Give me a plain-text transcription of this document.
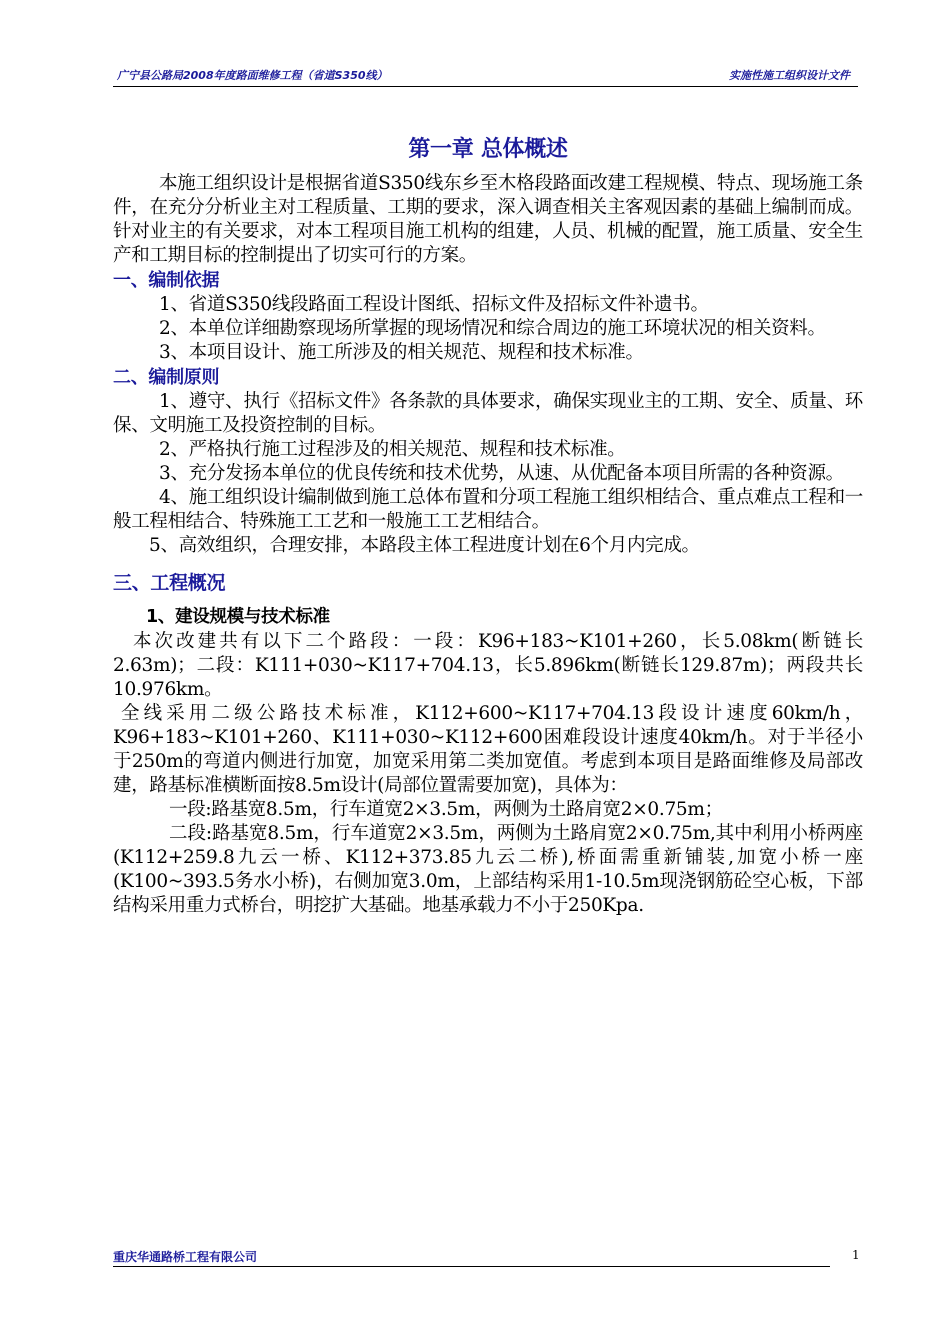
广宁县公路局2008年度路面维修工程（省道S350线）	实施性施工组织设计文件
第一章 总体概述

本施工组织设计是根据省道S350线东乡至木格段路面改建工程规模、特点、现场施工条件，在充分分析业主对工程质量、工期的要求，深入调查相关主客观因素的基础上编制而成。针对业主的有关要求，对本工程项目施工机构的组建，人员、机械的配置，施工质量、安全生产和工期目标的控制提出了切实可行的方案。

一、编制依据

1、省道S350线段路面工程设计图纸、招标文件及招标文件补遗书。

2、本单位详细勘察现场所掌握的现场情况和综合周边的施工环境状况的相关资料。

3、本项目设计、施工所涉及的相关规范、规程和技术标准。

二、编制原则

1、遵守、执行《招标文件》各条款的具体要求，确保实现业主的工期、安全、质量、环保、文明施工及投资控制的目标。

2、严格执行施工过程涉及的相关规范、规程和技术标准。

3、充分发扬本单位的优良传统和技术优势，从速、从优配备本项目所需的各种资源。

4、施工组织设计编制做到施工总体布置和分项工程施工组织相结合、重点难点工程和一般工程相结合、特殊施工工艺和一般施工工艺相结合。

5、高效组织，合理安排，本路段主体工程进度计划在6个月内完成。

三、工程概况
1、建设规模与技术标准

本次改建共有以下二个路段：一段：K96+183~K101+260，长5.08km(断链长2.63m)；二段：K111+030~K117+704.13，长5.896km(断链长129.87m)；两段共长10.976km。

全线采用二级公路技术标准，K112+600~K117+704.13段设计速度60km/h，K96+183~K101+260、K111+030~K112+600困难段设计速度40km/h。对于半径小于250m的弯道内侧进行加宽，加宽采用第二类加宽值。考虑到本项目是路面维修及局部改建，路基标准横断面按8.5m设计(局部位置需要加宽)，具体为：

一段:路基宽8.5m，行车道宽2×3.5m，两侧为土路肩宽2×0.75m；

二段:路基宽8.5m，行车道宽2×3.5m，两侧为土路肩宽2×0.75m,其中利用小桥两座(K112+259.8九云一桥、K112+373.85九云二桥),桥面需重新铺装,加宽小桥一座(K100~393.5务水小桥)，右侧加宽3.0m，上部结构采用1-10.5m现浇钢筋砼空心板，下部结构采用重力式桥台，明挖扩大基础。地基承载力不小于250Kpa.

重庆华通路桥工程有限公司	1
